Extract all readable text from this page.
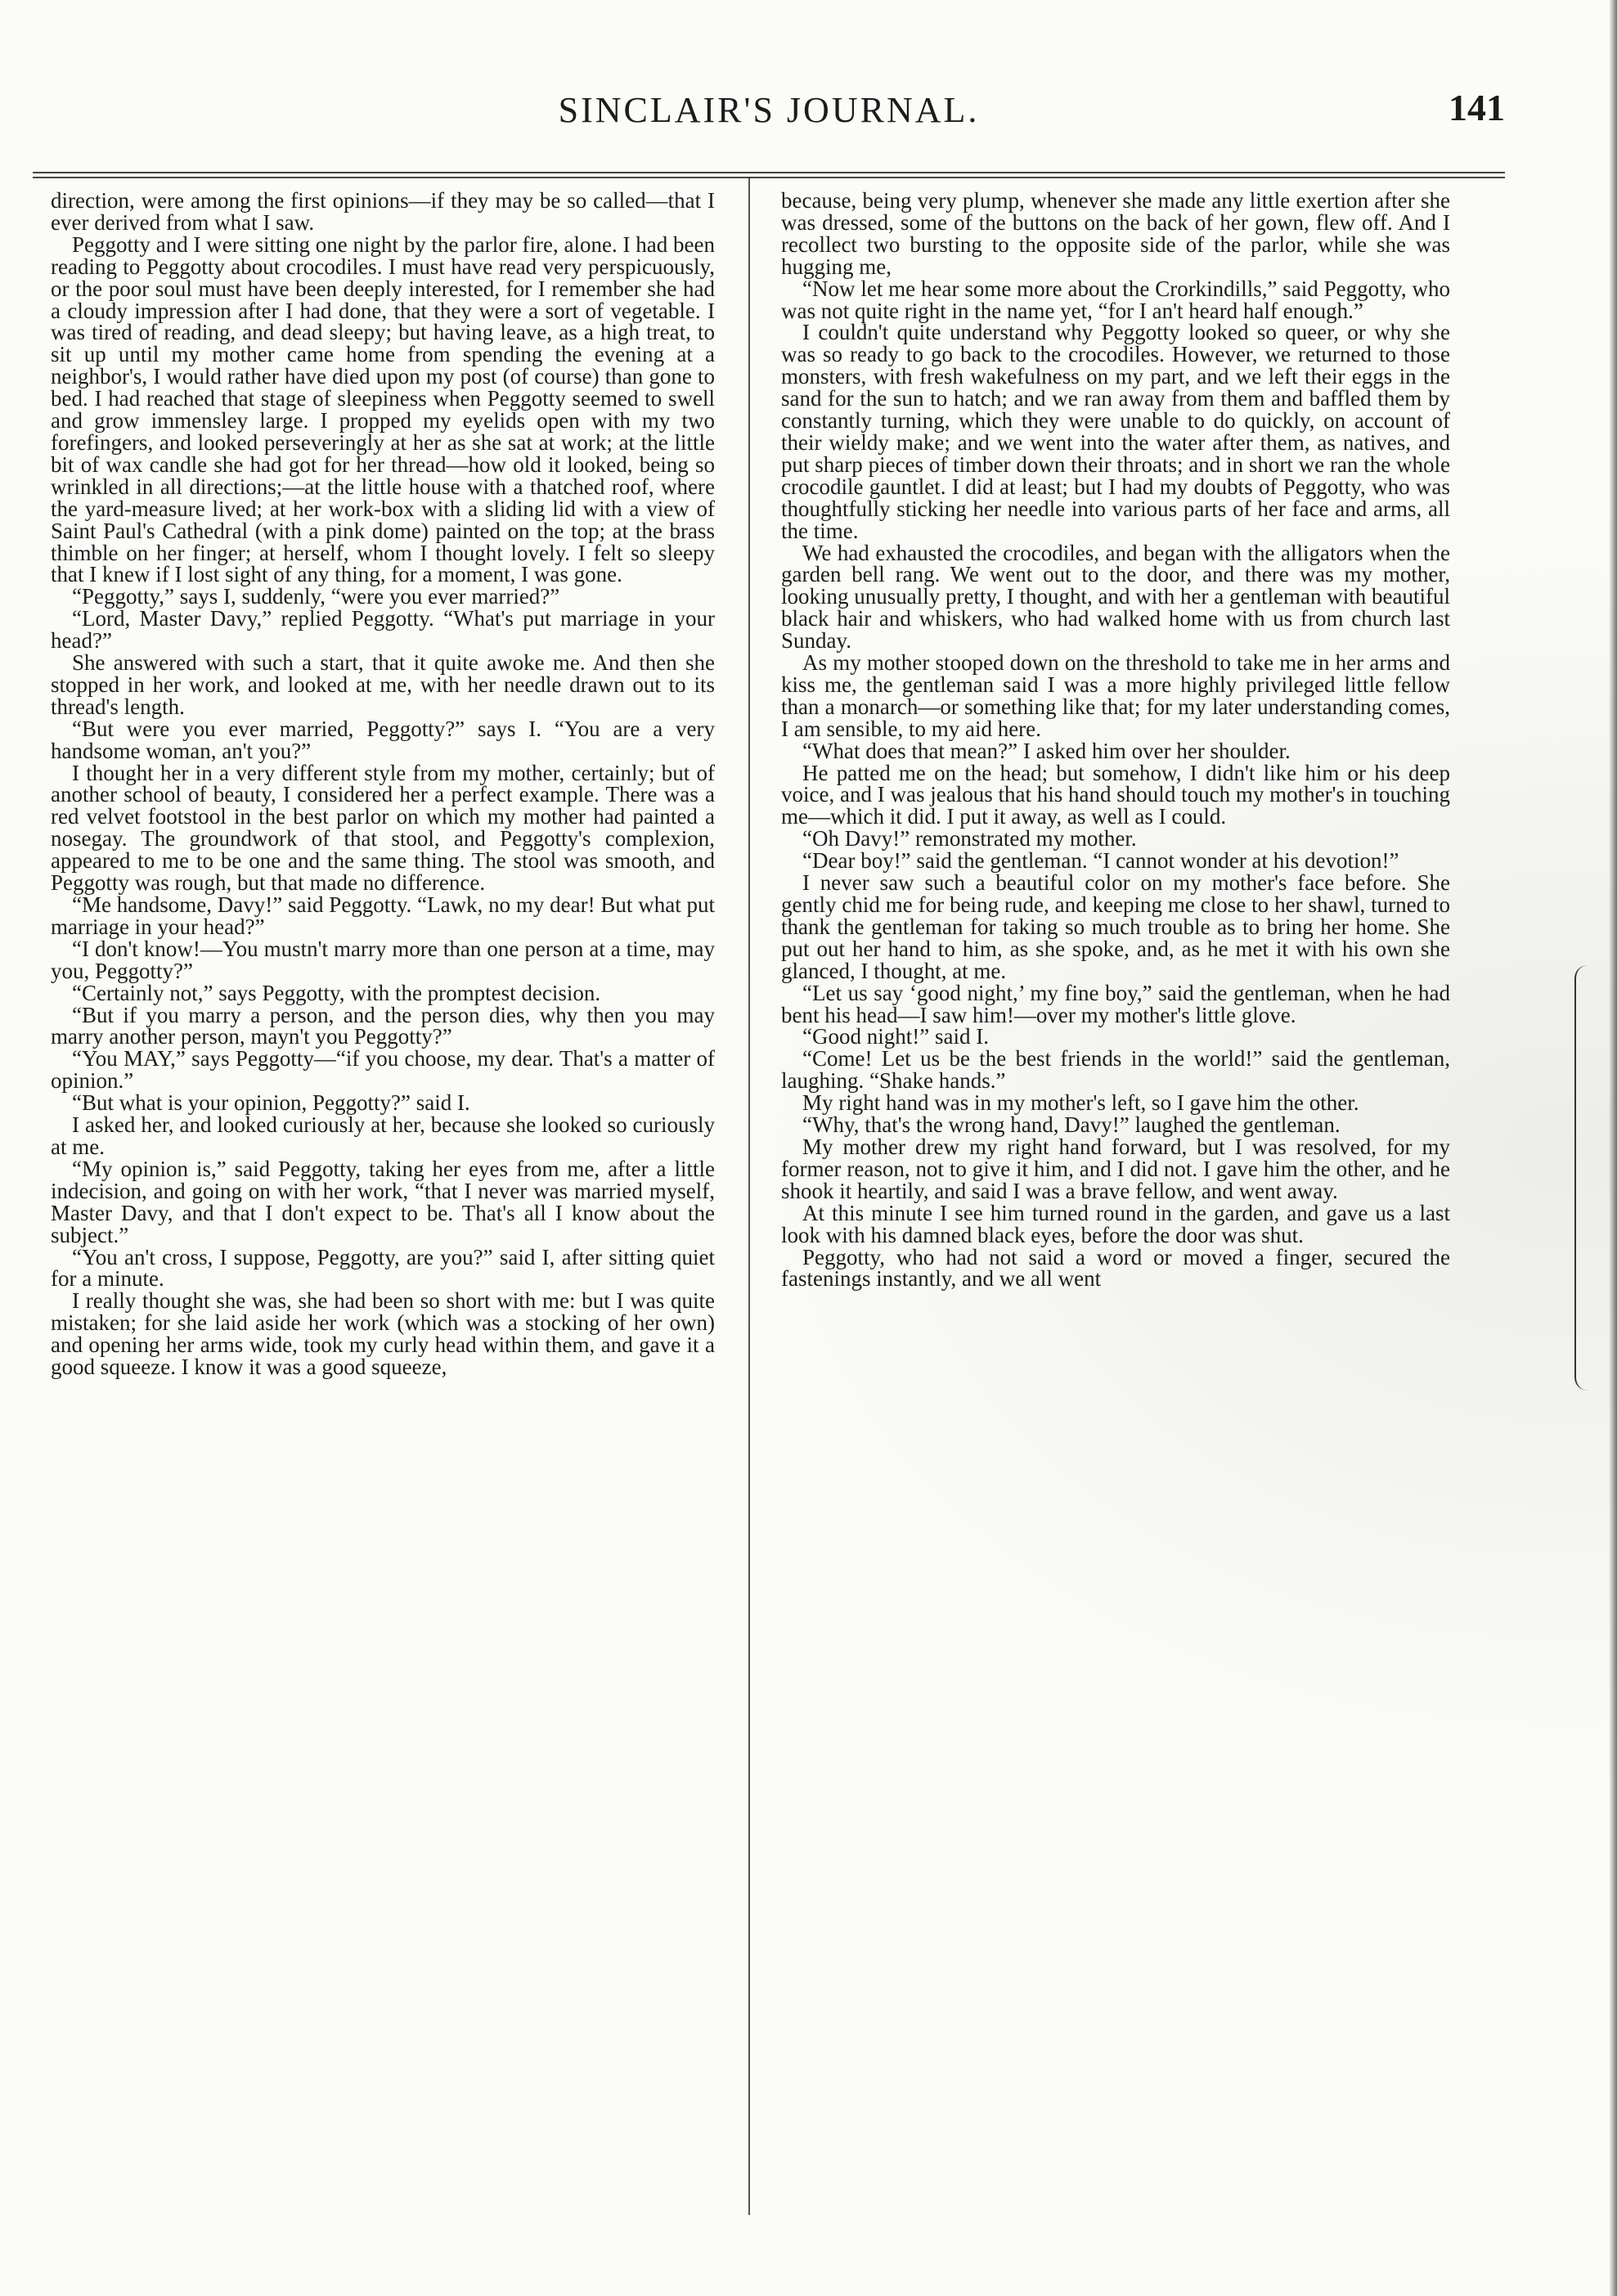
SINCLAIR'S JOURNAL.	141

direction, were among the first opinions—if they may be so called—that I ever derived from what I saw.

Peggotty and I were sitting one night by the parlor fire, alone. I had been reading to Peggotty about crocodiles. I must have read very perspicuously, or the poor soul must have been deeply interested, for I remember she had a cloudy impression after I had done, that they were a sort of vegetable. I was tired of reading, and dead sleepy; but having leave, as a high treat, to sit up until my mother came home from spending the evening at a neighbor's, I would rather have died upon my post (of course) than gone to bed. I had reached that stage of sleepiness when Peggotty seemed to swell and grow immensley large. I propped my eyelids open with my two forefingers, and looked perseveringly at her as she sat at work; at the little bit of wax candle she had got for her thread—how old it looked, being so wrinkled in all directions;—at the little house with a thatched roof, where the yard-measure lived; at her work-box with a sliding lid with a view of Saint Paul's Cathedral (with a pink dome) painted on the top; at the brass thimble on her finger; at herself, whom I thought lovely. I felt so sleepy that I knew if I lost sight of any thing, for a moment, I was gone.

“Peggotty,” says I, suddenly, “were you ever married?”

“Lord, Master Davy,” replied Peggotty. “What's put marriage in your head?”

She answered with such a start, that it quite awoke me. And then she stopped in her work, and looked at me, with her needle drawn out to its thread's length.

“But were you ever married, Peggotty?” says I. “You are a very handsome woman, an't you?”

I thought her in a very different style from my mother, certainly; but of another school of beauty, I considered her a perfect example. There was a red velvet footstool in the best parlor on which my mother had painted a nosegay. The groundwork of that stool, and Peggotty's complexion, appeared to me to be one and the same thing. The stool was smooth, and Peggotty was rough, but that made no difference.

“Me handsome, Davy!” said Peggotty. “Lawk, no my dear! But what put marriage in your head?”

“I don't know!—You mustn't marry more than one person at a time, may you, Peggotty?”

“Certainly not,” says Peggotty, with the promptest decision.

“But if you marry a person, and the person dies, why then you may marry another person, mayn't you Peggotty?”

“You MAY,” says Peggotty—“if you choose, my dear. That's a matter of opinion.”

“But what is your opinion, Peggotty?” said I.

I asked her, and looked curiously at her, because she looked so curiously at me.

“My opinion is,” said Peggotty, taking her eyes from me, after a little indecision, and going on with her work, “that I never was married myself, Master Davy, and that I don't expect to be. That's all I know about the subject.”

“You an't cross, I suppose, Peggotty, are you?” said I, after sitting quiet for a minute.

I really thought she was, she had been so short with me: but I was quite mistaken; for she laid aside her work (which was a stocking of her own) and opening her arms wide, took my curly head within them, and gave it a good squeeze. I know it was a good squeeze,

because, being very plump, whenever she made any little exertion after she was dressed, some of the buttons on the back of her gown, flew off. And I recollect two bursting to the opposite side of the parlor, while she was hugging me,

“Now let me hear some more about the Crorkindills,” said Peggotty, who was not quite right in the name yet, “for I an't heard half enough.”

I couldn't quite understand why Peggotty looked so queer, or why she was so ready to go back to the crocodiles. However, we returned to those monsters, with fresh wakefulness on my part, and we left their eggs in the sand for the sun to hatch; and we ran away from them and baffled them by constantly turning, which they were unable to do quickly, on account of their wieldy make; and we went into the water after them, as natives, and put sharp pieces of timber down their throats; and in short we ran the whole crocodile gauntlet. I did at least; but I had my doubts of Peggotty, who was thoughtfully sticking her needle into various parts of her face and arms, all the time.

We had exhausted the crocodiles, and began with the alligators when the garden bell rang. We went out to the door, and there was my mother, looking unusually pretty, I thought, and with her a gentleman with beautiful black hair and whiskers, who had walked home with us from church last Sunday.

As my mother stooped down on the threshold to take me in her arms and kiss me, the gentleman said I was a more highly privileged little fellow than a monarch—or something like that; for my later understanding comes, I am sensible, to my aid here.

“What does that mean?” I asked him over her shoulder.

He patted me on the head; but somehow, I didn't like him or his deep voice, and I was jealous that his hand should touch my mother's in touching me—which it did. I put it away, as well as I could.

“Oh Davy!” remonstrated my mother.

“Dear boy!” said the gentleman. “I cannot wonder at his devotion!”

I never saw such a beautiful color on my mother's face before. She gently chid me for being rude, and keeping me close to her shawl, turned to thank the gentleman for taking so much trouble as to bring her home. She put out her hand to him, as she spoke, and, as he met it with his own she glanced, I thought, at me.

“Let us say ‘good night,’ my fine boy,” said the gentleman, when he had bent his head—I saw him!—over my mother's little glove.

“Good night!” said I.

“Come! Let us be the best friends in the world!” said the gentleman, laughing. “Shake hands.”

My right hand was in my mother's left, so I gave him the other.

“Why, that's the wrong hand, Davy!” laughed the gentleman.

My mother drew my right hand forward, but I was resolved, for my former reason, not to give it him, and I did not. I gave him the other, and he shook it heartily, and said I was a brave fellow, and went away.

At this minute I see him turned round in the garden, and gave us a last look with his damned black eyes, before the door was shut.

Peggotty, who had not said a word or moved a finger, secured the fastenings instantly, and we all went
